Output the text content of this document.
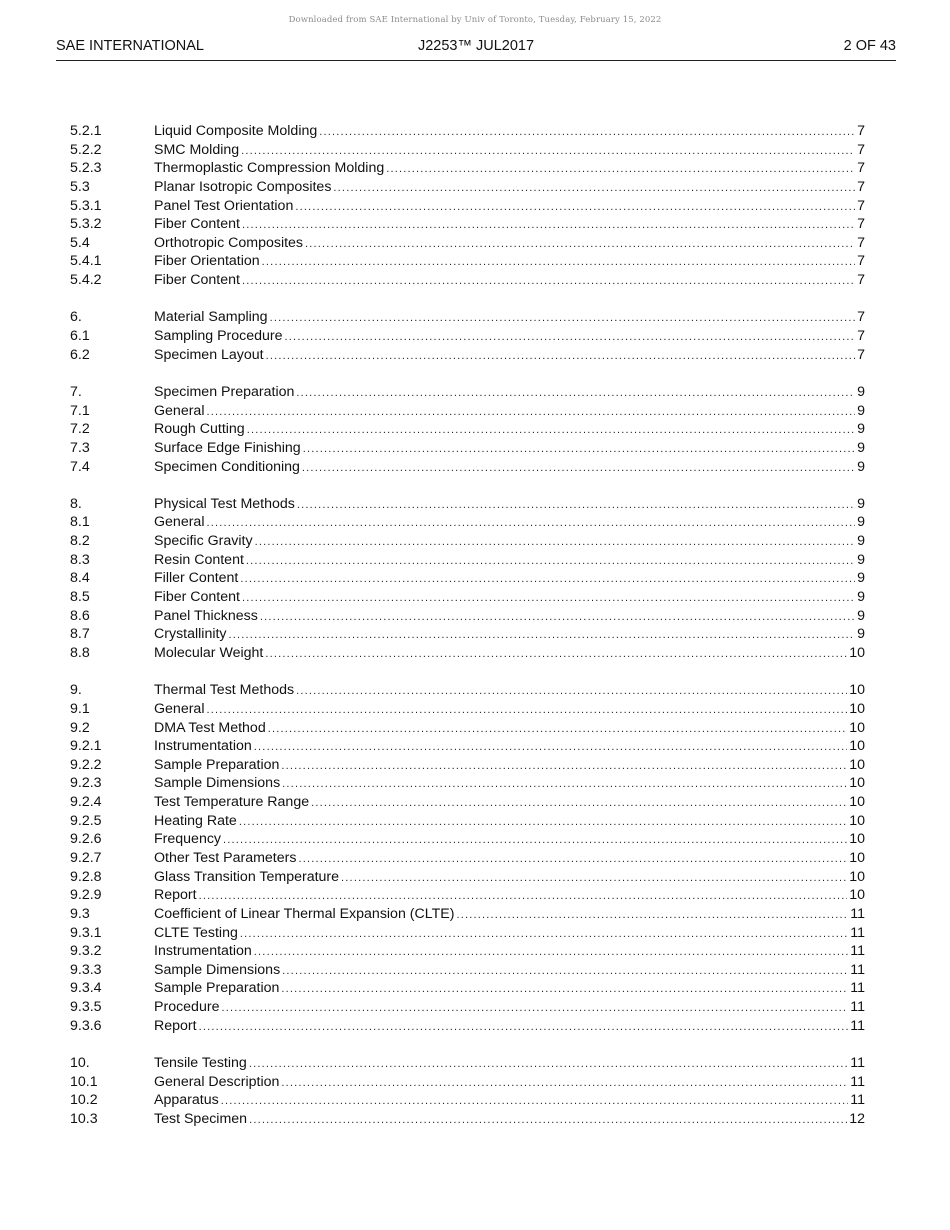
Downloaded from SAE International by Univ of Toronto, Tuesday, February 15, 2022
SAE INTERNATIONAL	J2253™ JUL2017	2 OF 43
5.2.1	Liquid Composite Molding .....	7
5.2.2	SMC Molding .....	7
5.2.3	Thermoplastic Compression Molding .....	7
5.3	Planar Isotropic Composites .....	7
5.3.1	Panel Test Orientation .....	7
5.3.2	Fiber Content .....	7
5.4	Orthotropic Composites .....	7
5.4.1	Fiber Orientation .....	7
5.4.2	Fiber Content .....	7
6.	Material Sampling .....	7
6.1	Sampling Procedure .....	7
6.2	Specimen Layout .....	7
7.	Specimen Preparation .....	9
7.1	General .....	9
7.2	Rough Cutting .....	9
7.3	Surface Edge Finishing .....	9
7.4	Specimen Conditioning .....	9
8.	Physical Test Methods .....	9
8.1	General .....	9
8.2	Specific Gravity .....	9
8.3	Resin Content .....	9
8.4	Filler Content .....	9
8.5	Fiber Content .....	9
8.6	Panel Thickness .....	9
8.7	Crystallinity .....	9
8.8	Molecular Weight .....	10
9.	Thermal Test Methods .....	10
9.1	General .....	10
9.2	DMA Test Method .....	10
9.2.1	Instrumentation .....	10
9.2.2	Sample Preparation .....	10
9.2.3	Sample Dimensions .....	10
9.2.4	Test Temperature Range .....	10
9.2.5	Heating Rate .....	10
9.2.6	Frequency .....	10
9.2.7	Other Test Parameters .....	10
9.2.8	Glass Transition Temperature .....	10
9.2.9	Report .....	10
9.3	Coefficient of Linear Thermal Expansion (CLTE) .....	11
9.3.1	CLTE Testing .....	11
9.3.2	Instrumentation .....	11
9.3.3	Sample Dimensions .....	11
9.3.4	Sample Preparation .....	11
9.3.5	Procedure .....	11
9.3.6	Report .....	11
10.	Tensile Testing .....	11
10.1	General Description .....	11
10.2	Apparatus .....	11
10.3	Test Specimen .....	12
